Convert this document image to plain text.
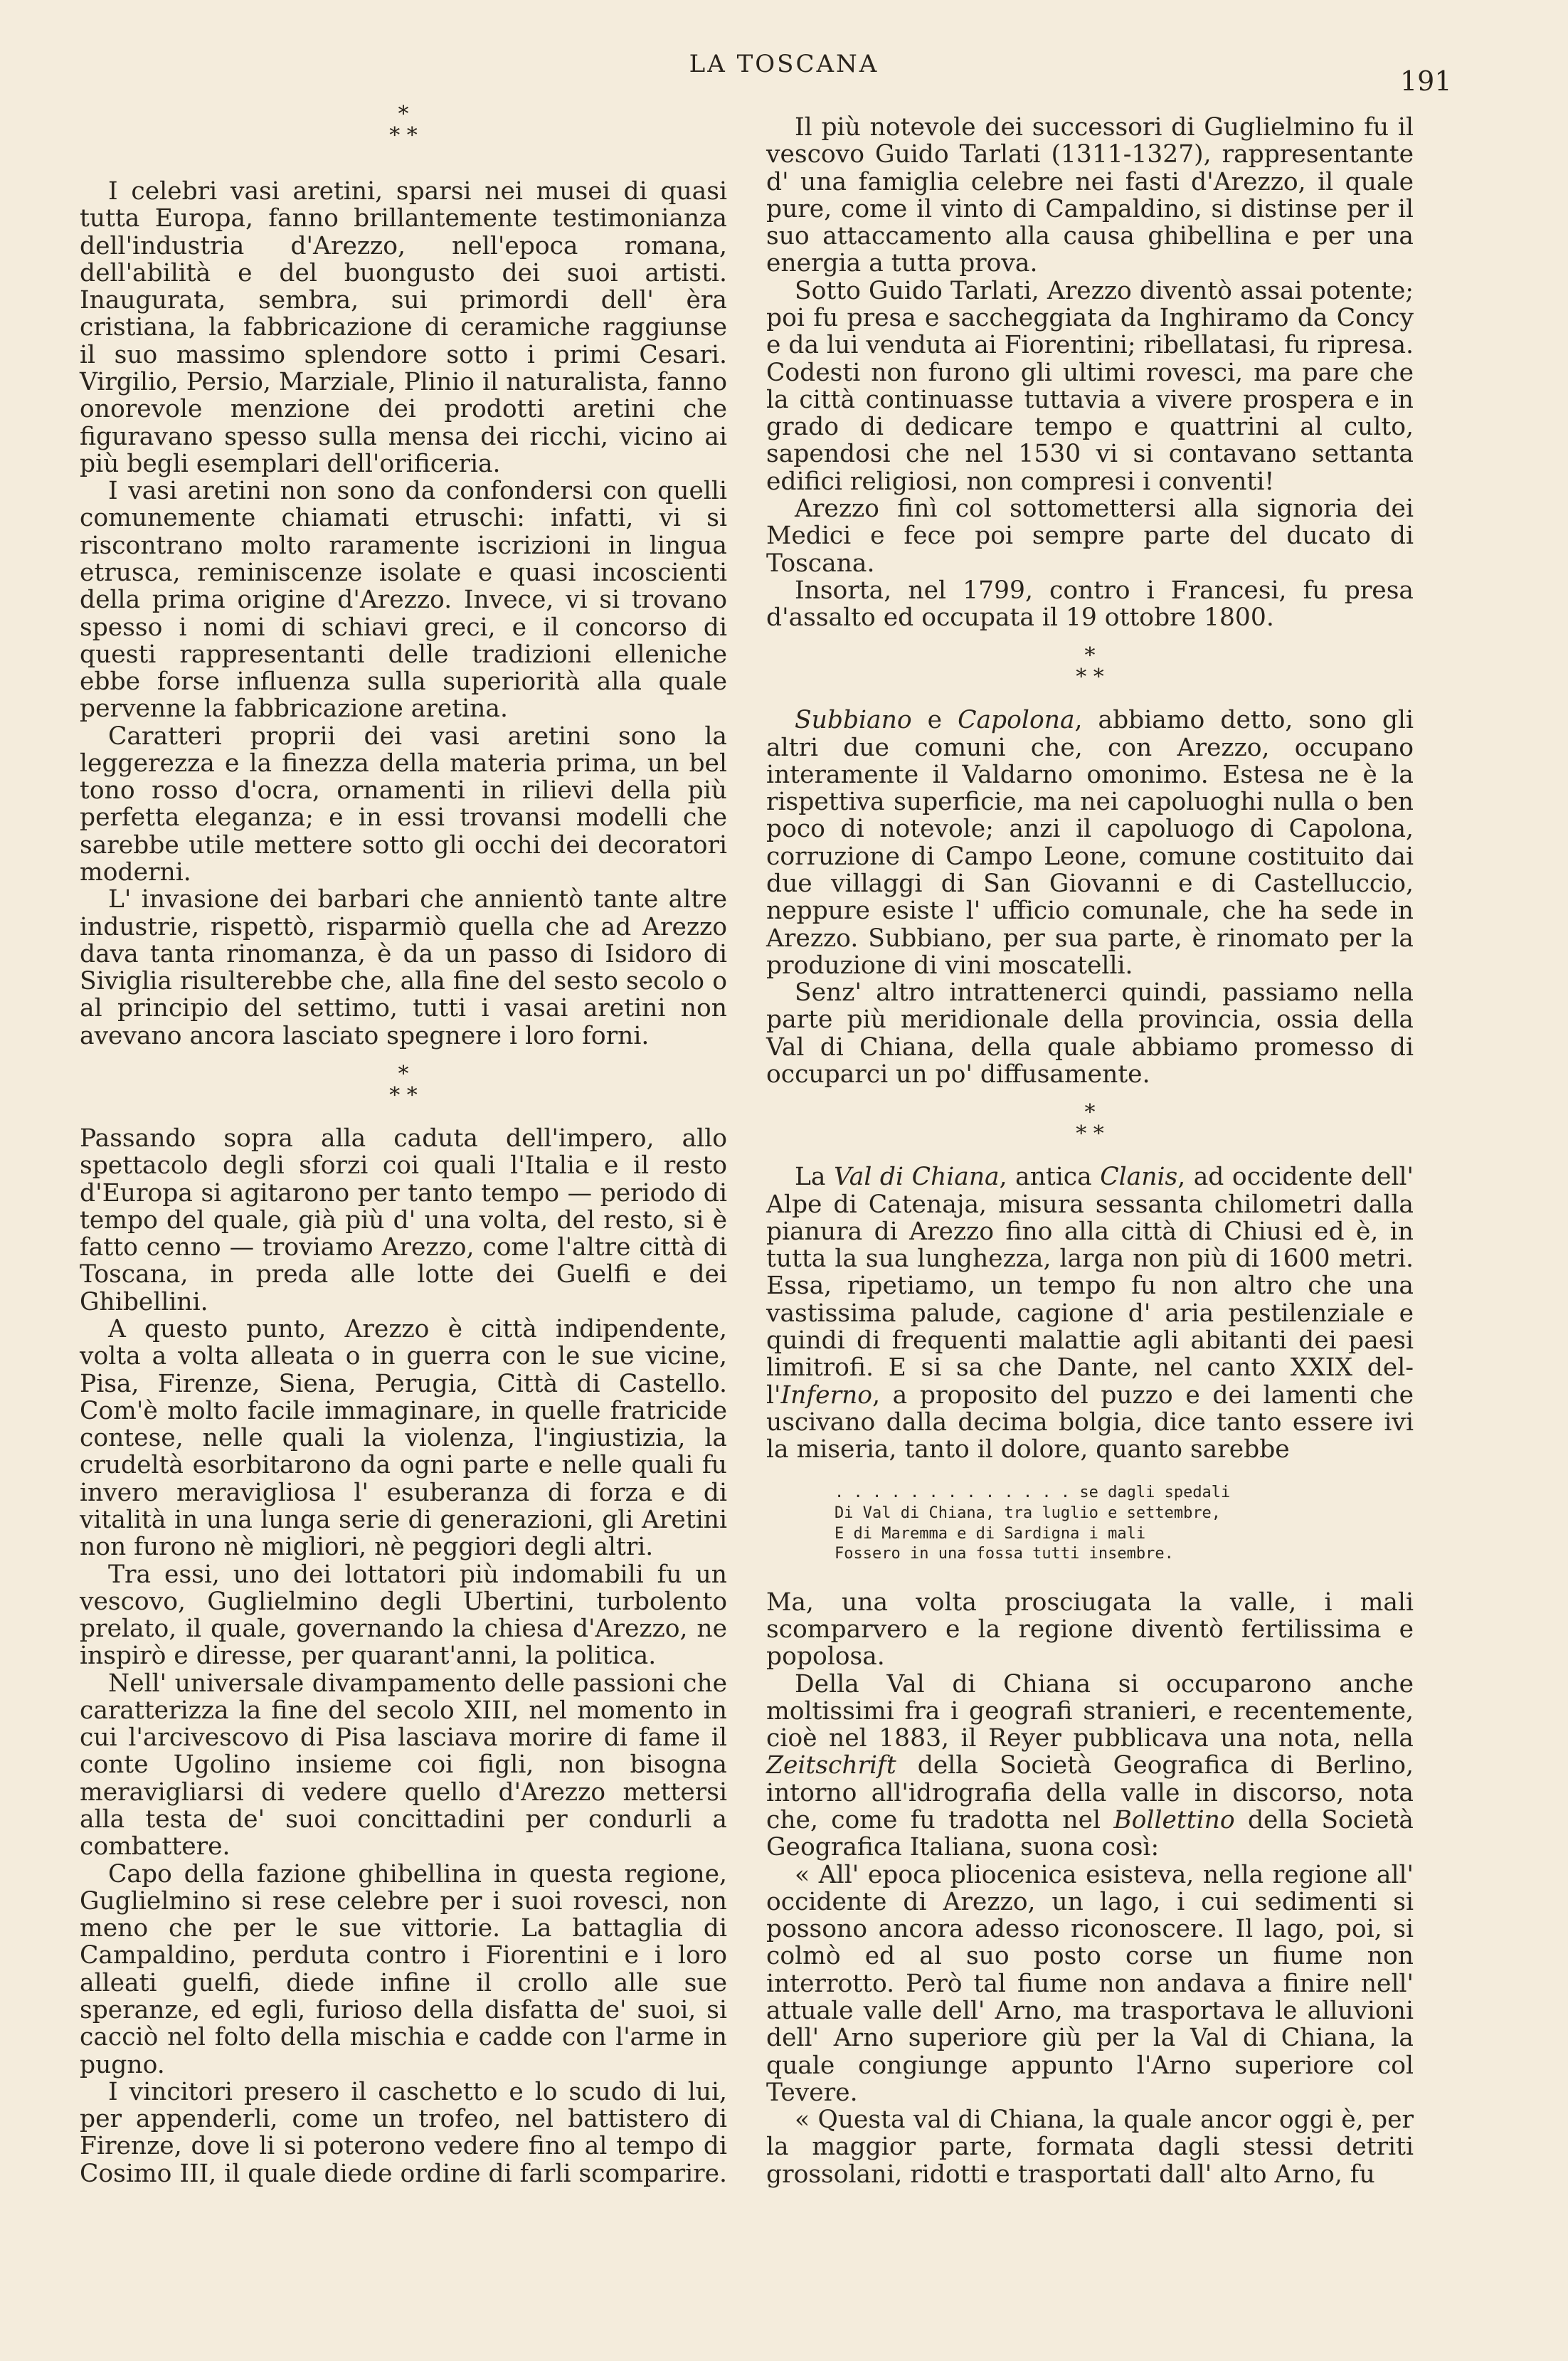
LA TOSCANA
191
*
* *

I celebri vasi aretini, sparsi nei musei di quasi tutta Europa, fanno brillantemente testimonianza dell'industria d'Arezzo, nell'epoca romana, dell'abilità e del buongusto dei suoi artisti. Inaugurata, sembra, sui primordi dell' èra cristiana, la fabbricazione di ceramiche raggiunse il suo massimo splendore sotto i primi Cesari. Virgilio, Persio, Marziale, Plinio il naturalista, fanno onorevole menzione dei prodotti aretini che figuravano spesso sulla mensa dei ricchi, vicino ai più begli esemplari dell'orificeria.

I vasi aretini non sono da confondersi con quelli comunemente chiamati etruschi: infatti, vi si riscontrano molto raramente iscrizioni in lingua etrusca, reminiscenze isolate e quasi incoscienti della prima origine d'Arezzo. Invece, vi si trovano spesso i nomi di schiavi greci, e il concorso di questi rappresentanti delle tradizioni elleniche ebbe forse influenza sulla superiorità alla quale pervenne la fabbricazione aretina.

Caratteri proprii dei vasi aretini sono la leggerezza e la finezza della materia prima, un bel tono rosso d'ocra, ornamenti in rilievi della più perfetta eleganza; e in essi trovansi modelli che sarebbe utile mettere sotto gli occhi dei decoratori moderni.

L' invasione dei barbari che annientò tante altre industrie, rispettò, risparmiò quella che ad Arezzo dava tanta rinomanza, è da un passo di Isidoro di Siviglia risulterebbe che, alla fine del sesto secolo o al principio del settimo, tutti i vasai aretini non avevano ancora lasciato spegnere i loro forni.

*
* *

Passando sopra alla caduta dell'impero, allo spettacolo degli sforzi coi quali l'Italia e il resto d'Europa si agitarono per tanto tempo — periodo di tempo del quale, già più d' una volta, del resto, si è fatto cenno — troviamo Arezzo, come l'altre città di Toscana, in preda alle lotte dei Guelfi e dei Ghibellini.

A questo punto, Arezzo è città indipendente, volta a volta alleata o in guerra con le sue vicine, Pisa, Firenze, Siena, Perugia, Città di Castello. Com'è molto facile immaginare, in quelle fratricide contese, nelle quali la violenza, l'ingiustizia, la crudeltà esorbitarono da ogni parte e nelle quali fu invero meravigliosa l' esuberanza di forza e di vitalità in una lunga serie di generazioni, gli Aretini non furono nè migliori, nè peggiori degli altri.

Tra essi, uno dei lottatori più indomabili fu un vescovo, Guglielmino degli Ubertini, turbolento prelato, il quale, governando la chiesa d'Arezzo, ne inspirò e diresse, per quarant'anni, la politica.

Nell' universale divampamento delle passioni che caratterizza la fine del secolo XIII, nel momento in cui l'arcivescovo di Pisa lasciava morire di fame il conte Ugolino insieme coi figli, non bisogna meravigliarsi di vedere quello d'Arezzo mettersi alla testa de' suoi concittadini per condurli a combattere.

Capo della fazione ghibellina in questa regione, Guglielmino si rese celebre per i suoi rovesci, non meno che per le sue vittorie. La battaglia di Campaldino, perduta contro i Fiorentini e i loro alleati guelfi, diede infine il crollo alle sue speranze, ed egli, furioso della disfatta de' suoi, si cacciò nel folto della mischia e cadde con l'arme in pugno.

I vincitori presero il caschetto e lo scudo di lui, per appenderli, come un trofeo, nel battistero di Firenze, dove li si poterono vedere fino al tempo di Cosimo III, il quale diede ordine di farli scomparire.

Il più notevole dei successori di Guglielmino fu il vescovo Guido Tarlati (1311-1327), rappresentante d' una famiglia celebre nei fasti d'Arezzo, il quale pure, come il vinto di Campaldino, si distinse per il suo attaccamento alla causa ghibellina e per una energia a tutta prova.

Sotto Guido Tarlati, Arezzo diventò assai potente; poi fu presa e saccheggiata da Inghiramo da Concy e da lui venduta ai Fiorentini; ribellatasi, fu ripresa. Codesti non furono gli ultimi rovesci, ma pare che la città continuasse tuttavia a vivere prospera e in grado di dedicare tempo e quattrini al culto, sapendosi che nel 1530 vi si contavano settanta edifici religiosi, non compresi i conventi!

Arezzo finì col sottomettersi alla signoria dei Medici e fece poi sempre parte del ducato di Toscana.

Insorta, nel 1799, contro i Francesi, fu presa d'assalto ed occupata il 19 ottobre 1800.

*
* *

Subbiano e Capolona, abbiamo detto, sono gli altri due comuni che, con Arezzo, occupano interamente il Valdarno omonimo. Estesa ne è la rispettiva superficie, ma nei capoluoghi nulla o ben poco di notevole; anzi il capoluogo di Capolona, corruzione di Campo Leone, comune costituito dai due villaggi di San Giovanni e di Castelluccio, neppure esiste l' ufficio comunale, che ha sede in Arezzo. Subbiano, per sua parte, è rinomato per la produzione di vini moscatelli.

Senz' altro intrattenerci quindi, passiamo nella parte più meridionale della provincia, ossia della Val di Chiana, della quale abbiamo promesso di occuparci un po' diffusamente.

*
* *

La Val di Chiana, antica Clanis, ad occidente dell' Alpe di Catenaja, misura sessanta chilometri dalla pianura di Arezzo fino alla città di Chiusi ed è, in tutta la sua lunghezza, larga non più di 1600 metri. Essa, ripetiamo, un tempo fu non altro che una vastissima palude, cagione d' aria pestilenziale e quindi di frequenti malattie agli abitanti dei paesi limitrofi. E si sa che Dante, nel canto XXIX del- l'Inferno, a proposito del puzzo e dei lamenti che uscivano dalla decima bolgia, dice tanto essere ivi la miseria, tanto il dolore, quanto sarebbe

. . . . . . . . . . . . . se dagli spedali
Di Val di Chiana, tra luglio e settembre,
E di Maremma e di Sardigna i mali
Fossero in una fossa tutti insembre.

Ma, una volta prosciugata la valle, i mali scomparvero e la regione diventò fertilissima e popolosa.

Della Val di Chiana si occuparono anche moltissimi fra i geografi stranieri, e recentemente, cioè nel 1883, il Reyer pubblicava una nota, nella Zeitschrift della Società Geografica di Berlino, intorno all'idrografia della valle in discorso, nota che, come fu tradotta nel Bollettino della Società Geografica Italiana, suona così:

« All' epoca pliocenica esisteva, nella regione all' occidente di Arezzo, un lago, i cui sedimenti si possono ancora adesso riconoscere. Il lago, poi, si colmò ed al suo posto corse un fiume non interrotto. Però tal fiume non andava a finire nell' attuale valle dell' Arno, ma trasportava le alluvioni dell' Arno superiore giù per la Val di Chiana, la quale congiunge appunto l'Arno superiore col Tevere.

« Questa val di Chiana, la quale ancor oggi è, per la maggior parte, formata dagli stessi detriti grossolani, ridotti e trasportati dall' alto Arno, fu
